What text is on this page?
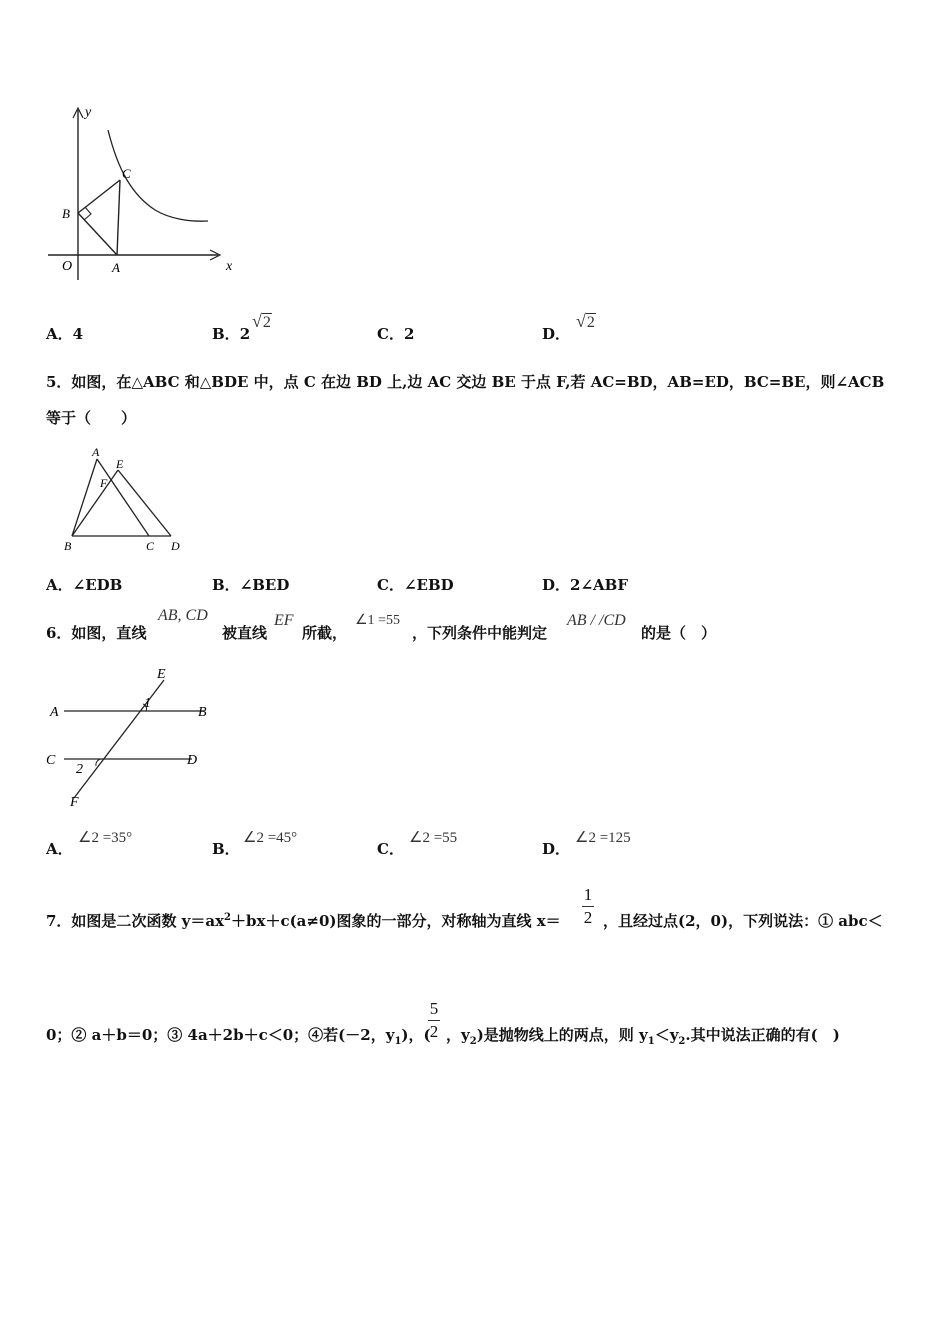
y
x
O	A
B
C
A．4	B．2
√2
C．2	D．
√2
5．如图，在△ABC 和△BDE 中，点 C 在边 BD 上,边 AC 交边 BE 于点 F,若 AC=BD，AB=ED，BC=BE，则∠ACB
等于（　　）
A
E
F
B	C D
A．∠EDB	B．∠BED	C．∠EBD	D．2∠ABF
6．如图，直线
AB, CD
被直线
EF
所截，
∠1 =55
，下列条件中能判定
AB / /CD
的是（　）
E
A
1
B
C	D
2
F
A．
∠2 =35°
B．
∠2 =45°
C．
∠2 =55
D．
∠2 =125
7．如图是二次函数 $y=ax^2+bx+c(a\ne 0)$图象的一部分，对称轴为直线 x＝
1
2 ，且经过点(2，0)，下列说法：① abc＜
0；② a＋b＝0；③ 4a＋2b＋c＜0；④若(－2，$y_1$)，(
5
2 ，$y_2$)是抛物线上的两点，则 $y_1<y_2$.其中说法正确的有(　)
